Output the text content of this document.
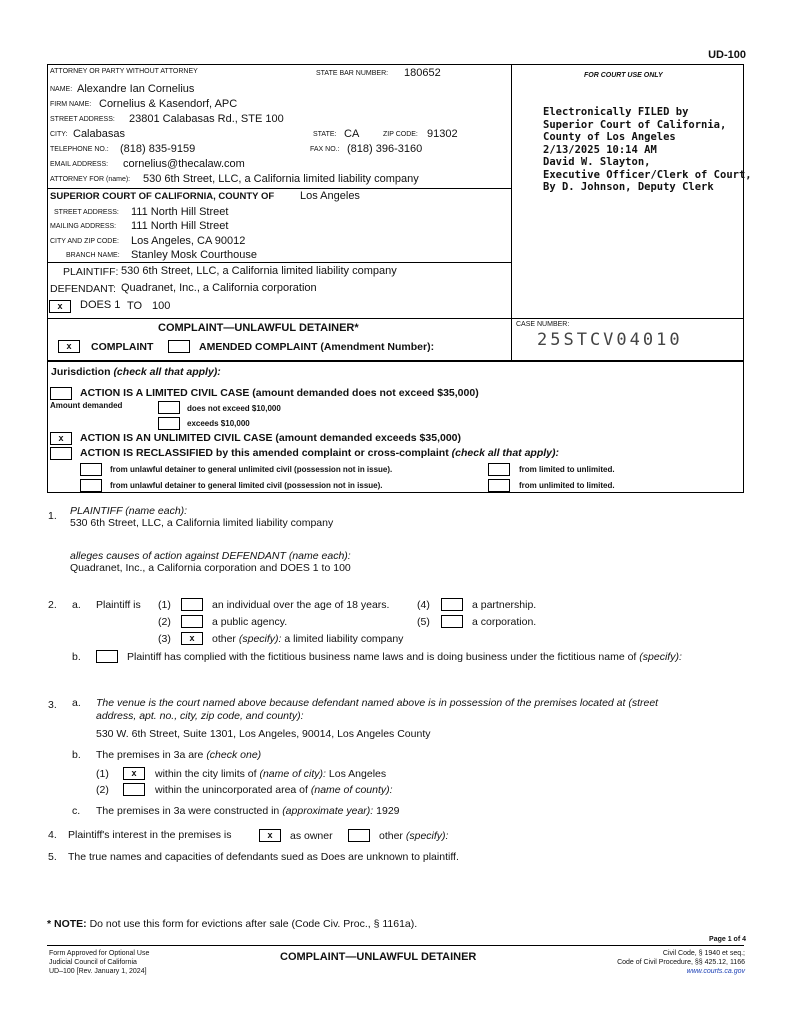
UD-100
ATTORNEY OR PARTY WITHOUT ATTORNEY	STATE BAR NUMBER: 180652	FOR COURT USE ONLY
NAME: Alexandre Ian Cornelius
FIRM NAME: Cornelius & Kasendorf, APC
STREET ADDRESS: 23801 Calabasas Rd., STE 100
CITY: Calabasas	STATE: CA	ZIP CODE: 91302
TELEPHONE NO.: (818) 835-9159	FAX NO.: (818) 396-3160
EMAIL ADDRESS: cornelius@thecalaw.com
ATTORNEY FOR (name): 530 6th Street, LLC, a California limited liability company
Electronically FILED by
Superior Court of California,
County of Los Angeles
2/13/2025 10:14 AM
David W. Slayton,
Executive Officer/Clerk of Court,
By D. Johnson, Deputy Clerk
SUPERIOR COURT OF CALIFORNIA, COUNTY OF Los Angeles
STREET ADDRESS: 111 North Hill Street
MAILING ADDRESS: 111 North Hill Street
CITY AND ZIP CODE: Los Angeles, CA 90012
BRANCH NAME: Stanley Mosk Courthouse
PLAINTIFF: 530 6th Street, LLC, a California limited liability company
DEFENDANT: Quadranet, Inc., a California corporation
x	DOES 1 TO 100
COMPLAINT—UNLAWFUL DETAINER*
x	COMPLAINT	AMENDED COMPLAINT (Amendment Number):
CASE NUMBER:
25STCV04010
Jurisdiction (check all that apply):
ACTION IS A LIMITED CIVIL CASE (amount demanded does not exceed $35,000)
Amount demanded	does not exceed $10,000
exceeds $10,000
x	ACTION IS AN UNLIMITED CIVIL CASE (amount demanded exceeds $35,000)
ACTION IS RECLASSIFIED by this amended complaint or cross-complaint (check all that apply):
from unlawful detainer to general unlimited civil (possession not in issue).
from unlawful detainer to general limited civil (possession not in issue).
from limited to unlimited.
from unlimited to limited.
1. PLAINTIFF (name each):
530 6th Street, LLC, a California limited liability company
alleges causes of action against DEFENDANT (name each):
Quadranet, Inc., a California corporation and DOES 1 to 100
2. a. Plaintiff is (1)	an individual over the age of 18 years.	(4)	a partnership.
(2)	a public agency.	(5)	a corporation.
(3)	x	other (specify): a limited liability company
b.	Plaintiff has complied with the fictitious business name laws and is doing business under the fictitious name of (specify):
3. a. The venue is the court named above because defendant named above is in possession of the premises located at (street
address, apt. no., city, zip code, and county):
530 W. 6th Street, Suite 1301, Los Angeles, 90014, Los Angeles County
b. The premises in 3a are (check one)
(1)	x	within the city limits of (name of city): Los Angeles
(2)	within the unincorporated area of (name of county):
c. The premises in 3a were constructed in (approximate year): 1929
4. Plaintiff's interest in the premises is	x	as owner	other (specify):
5. The true names and capacities of defendants sued as Does are unknown to plaintiff.
* NOTE: Do not use this form for evictions after sale (Code Civ. Proc., § 1161a).
Page 1 of 4
Form Approved for Optional Use
Judicial Council of California
UD–100 [Rev. January 1, 2024]
COMPLAINT—UNLAWFUL DETAINER	Civil Code, § 1940 et seq.;
Code of Civil Procedure, §§ 425.12, 1166
www.courts.ca.gov
